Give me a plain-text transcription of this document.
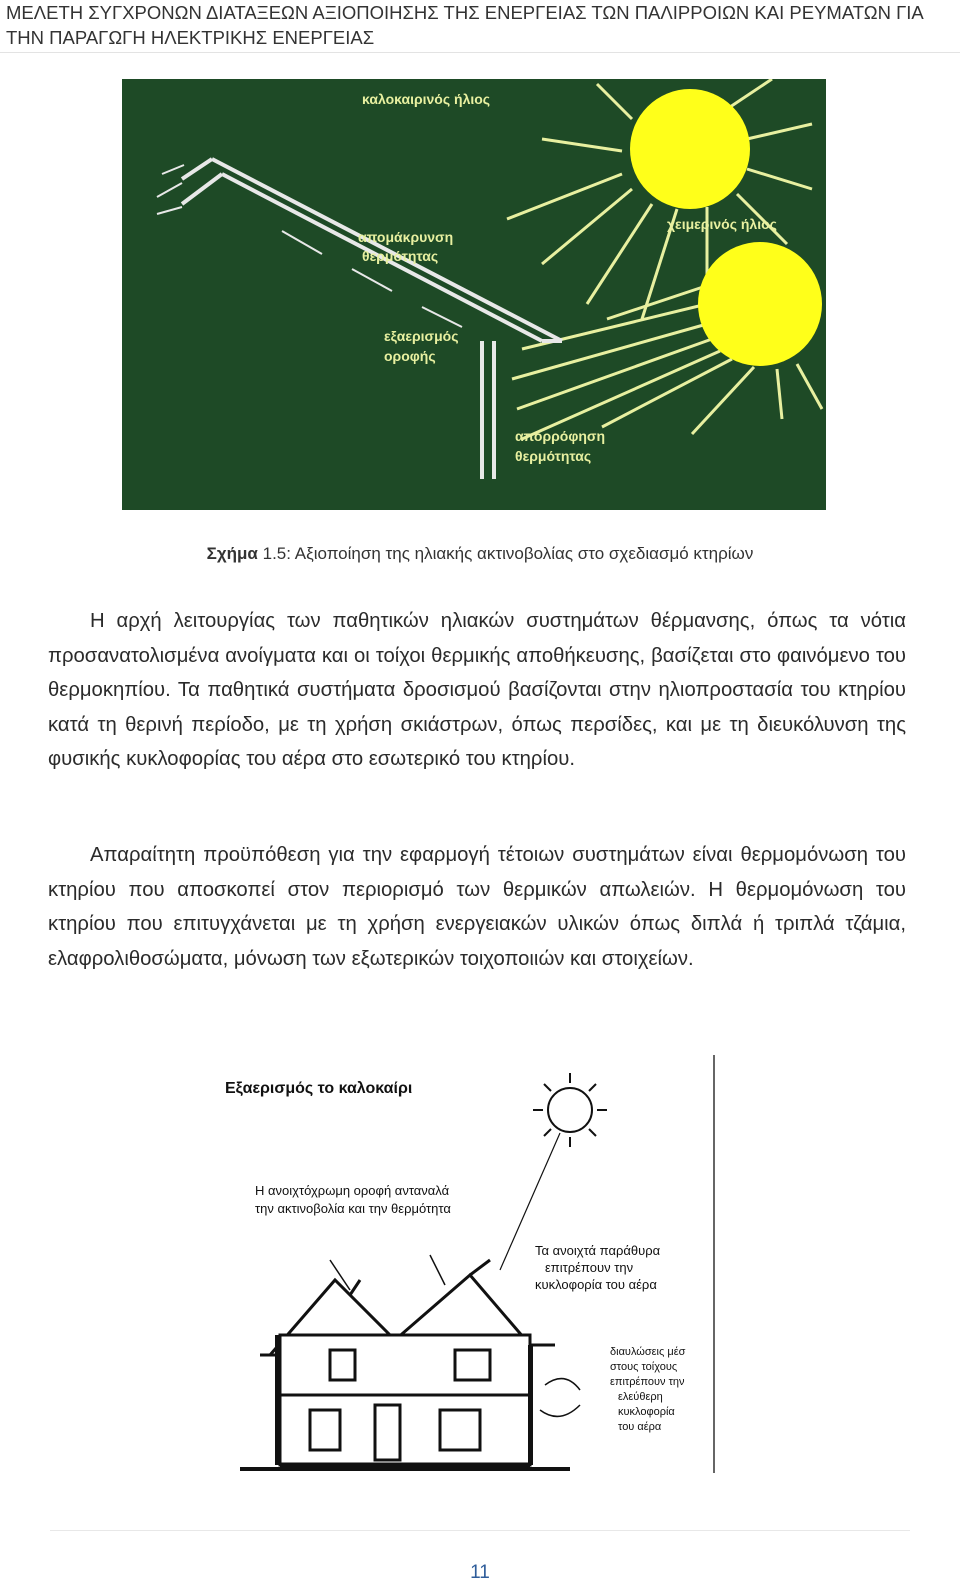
ΜΕΛΕΤΗ ΣΥΓΧΡΟΝΩΝ ΔΙΑΤΑΞΕΩΝ ΑΞΙΟΠΟΙΗΣΗΣ ΤΗΣ ΕΝΕΡΓΕΙΑΣ ΤΩΝ ΠΑΛΙΡΡΟΙΩΝ ΚΑΙ ΡΕΥΜΑΤΩΝ ΓΙΑ ΤΗΝ ΠΑΡΑΓΩΓΗ ΗΛΕΚΤΡΙΚΗΣ ΕΝΕΡΓΕΙΑΣ
καλοκαιρινός ήλιος
χειμερινός ήλιος
απομάκρυνση
θερμότητας
εξαερισμός
οροφής
απορρόφηση
θερμότητας
Σχήμα 1.5: Αξιοποίηση της ηλιακής ακτινοβολίας στο σχεδιασμό κτηρίων

Η αρχή λειτουργίας των παθητικών ηλιακών συστημάτων θέρμανσης, όπως τα νότια προσανατολισμένα ανοίγματα και οι τοίχοι θερμικής αποθήκευσης, βασίζεται στο φαινόμενο του θερμοκηπίου. Τα παθητικά συστήματα δροσισμού βασίζονται στην ηλιοπροστασία του κτηρίου κατά τη θερινή περίοδο, με τη χρήση σκιάστρων, όπως περσίδες, και με τη διευκόλυνση της φυσικής κυκλοφορίας του αέρα στο εσωτερικό του κτηρίου.

Απαραίτητη προϋπόθεση για την εφαρμογή τέτοιων συστημάτων είναι θερμομόνωση του κτηρίου που αποσκοπεί στον περιορισμό των θερμικών απωλειών. Η θερμομόνωση του κτηρίου που επιτυγχάνεται με τη χρήση ενεργειακών υλικών όπως διπλά ή τριπλά τζάμια, ελαφρολιθοσώματα, μόνωση των εξωτερικών τοιχοποιιών και στοιχείων.

Εξαερισμός το καλοκαίρι
Η ανοιχτόχρωμη οροφή ανταναλά
την ακτινοβολία και την θερμότητα
Τα ανοιχτά παράθυρα
επιτρέπουν την
κυκλοφορία του αέρα
διαυλώσεις μέσ
στους τοίχους
επιτρέπουν την
ελεύθερη
κυκλοφορία
του αέρα
11
